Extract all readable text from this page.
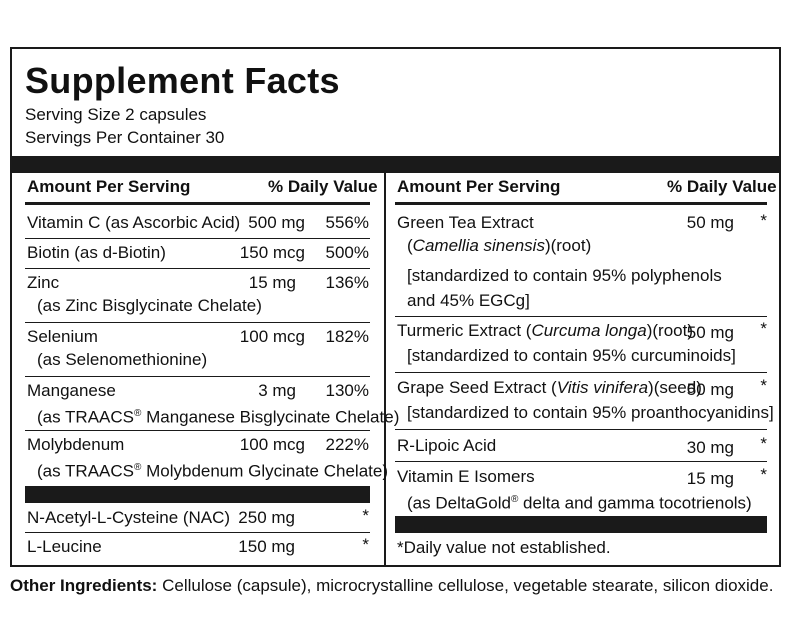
Supplement Facts
Serving Size 2 capsules
Servings Per Container 30
Amount Per Serving	% Daily Value
Vitamin C (as Ascorbic Acid) 500 mg	556%
Biotin (as d-Biotin)	150 mcg	500%
Zinc
(as Zinc Bisglycinate Chelate)
15 mg	136%
Selenium
(as Selenomethionine)
100 mcg	182%
Manganese
(as TRAACS® Manganese Bisglycinate Chelate)
3 mg	130%
Molybdenum
(as TRAACS® Molybdenum Glycinate Chelate)
100 mcg	222%
N-Acetyl-L-Cysteine (NAC) 250 mg	*
L-Leucine	150 mg	*
Amount Per Serving	% Daily Value
Green Tea Extract
(Camellia sinensis)(root)
[standardized to contain 95% polyphenols
and 45% EGCg]
50 mg	*
Turmeric Extract (Curcuma longa)(root)
[standardized to contain 95% curcuminoids]
50 mg	*
Grape Seed Extract (Vitis vinifera)(seed)
[standardized to contain 95% proanthocyanidins]
50 mg	*
R-Lipoic Acid	30 mg	*
Vitamin E Isomers
(as DeltaGold® delta and gamma tocotrienols)
15 mg	*
*Daily value not established.
Other Ingredients: Cellulose (capsule), microcrystalline cellulose, vegetable stearate, silicon dioxide.
